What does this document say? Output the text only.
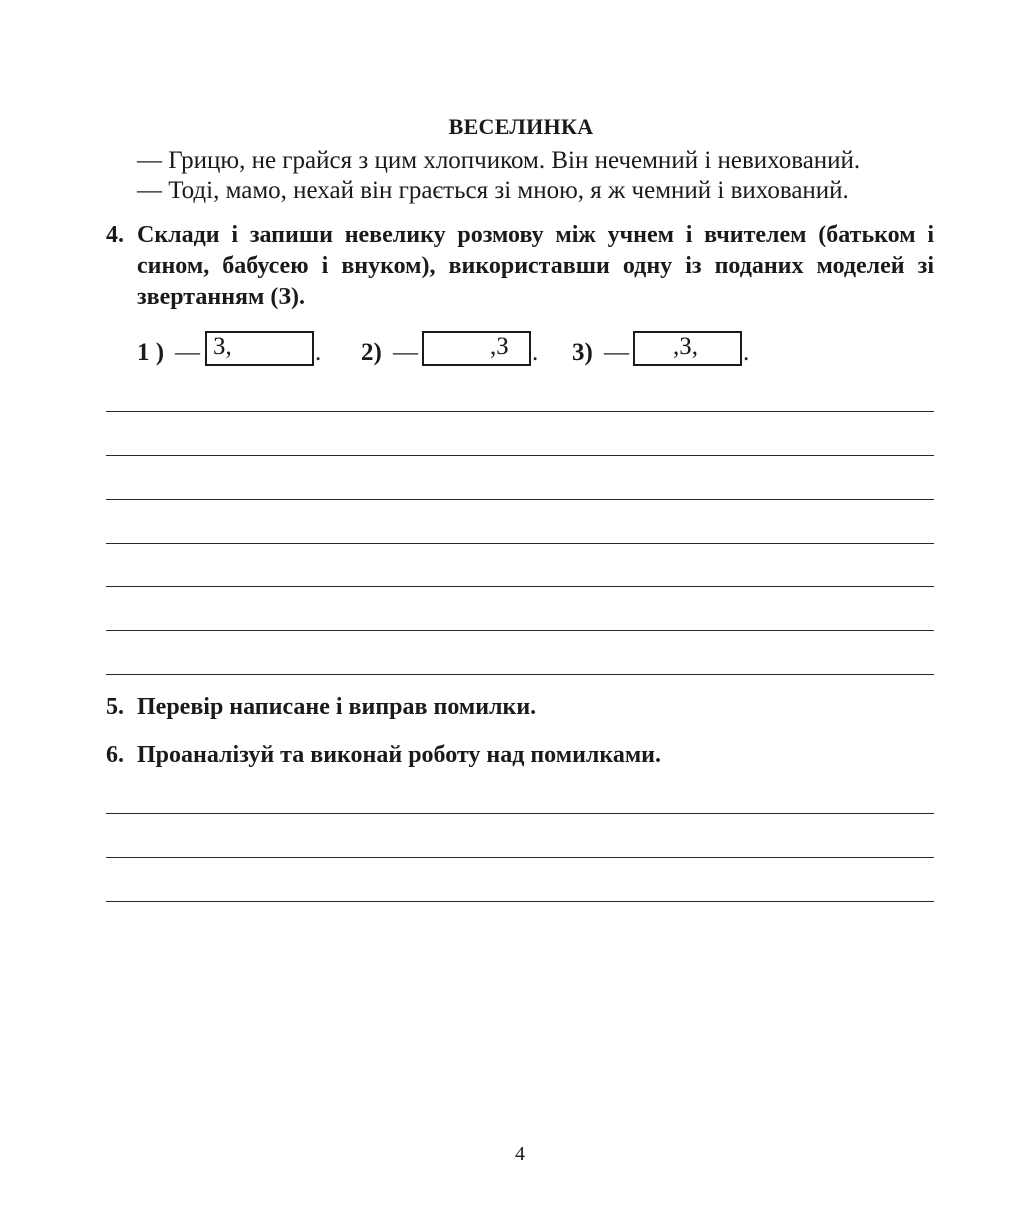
ВЕСЕЛИНКА
— Грицю, не грайся з цим хлопчиком. Він нечемний і невихований.
— Тоді, мамо, нехай він грається зі мною, я ж чемний і вихований.
4. Склади і запиши невелику розмову між учнем і вчителем (батьком і сином, бабусею і внуком), використавши одну із поданих моделей зі звертанням (З).
1 ) — З,	. 2) —	,З . 3) — ,З, .
5. Перевір написане і виправ помилки.
6. Проаналізуй та виконай роботу над помилками.
4
